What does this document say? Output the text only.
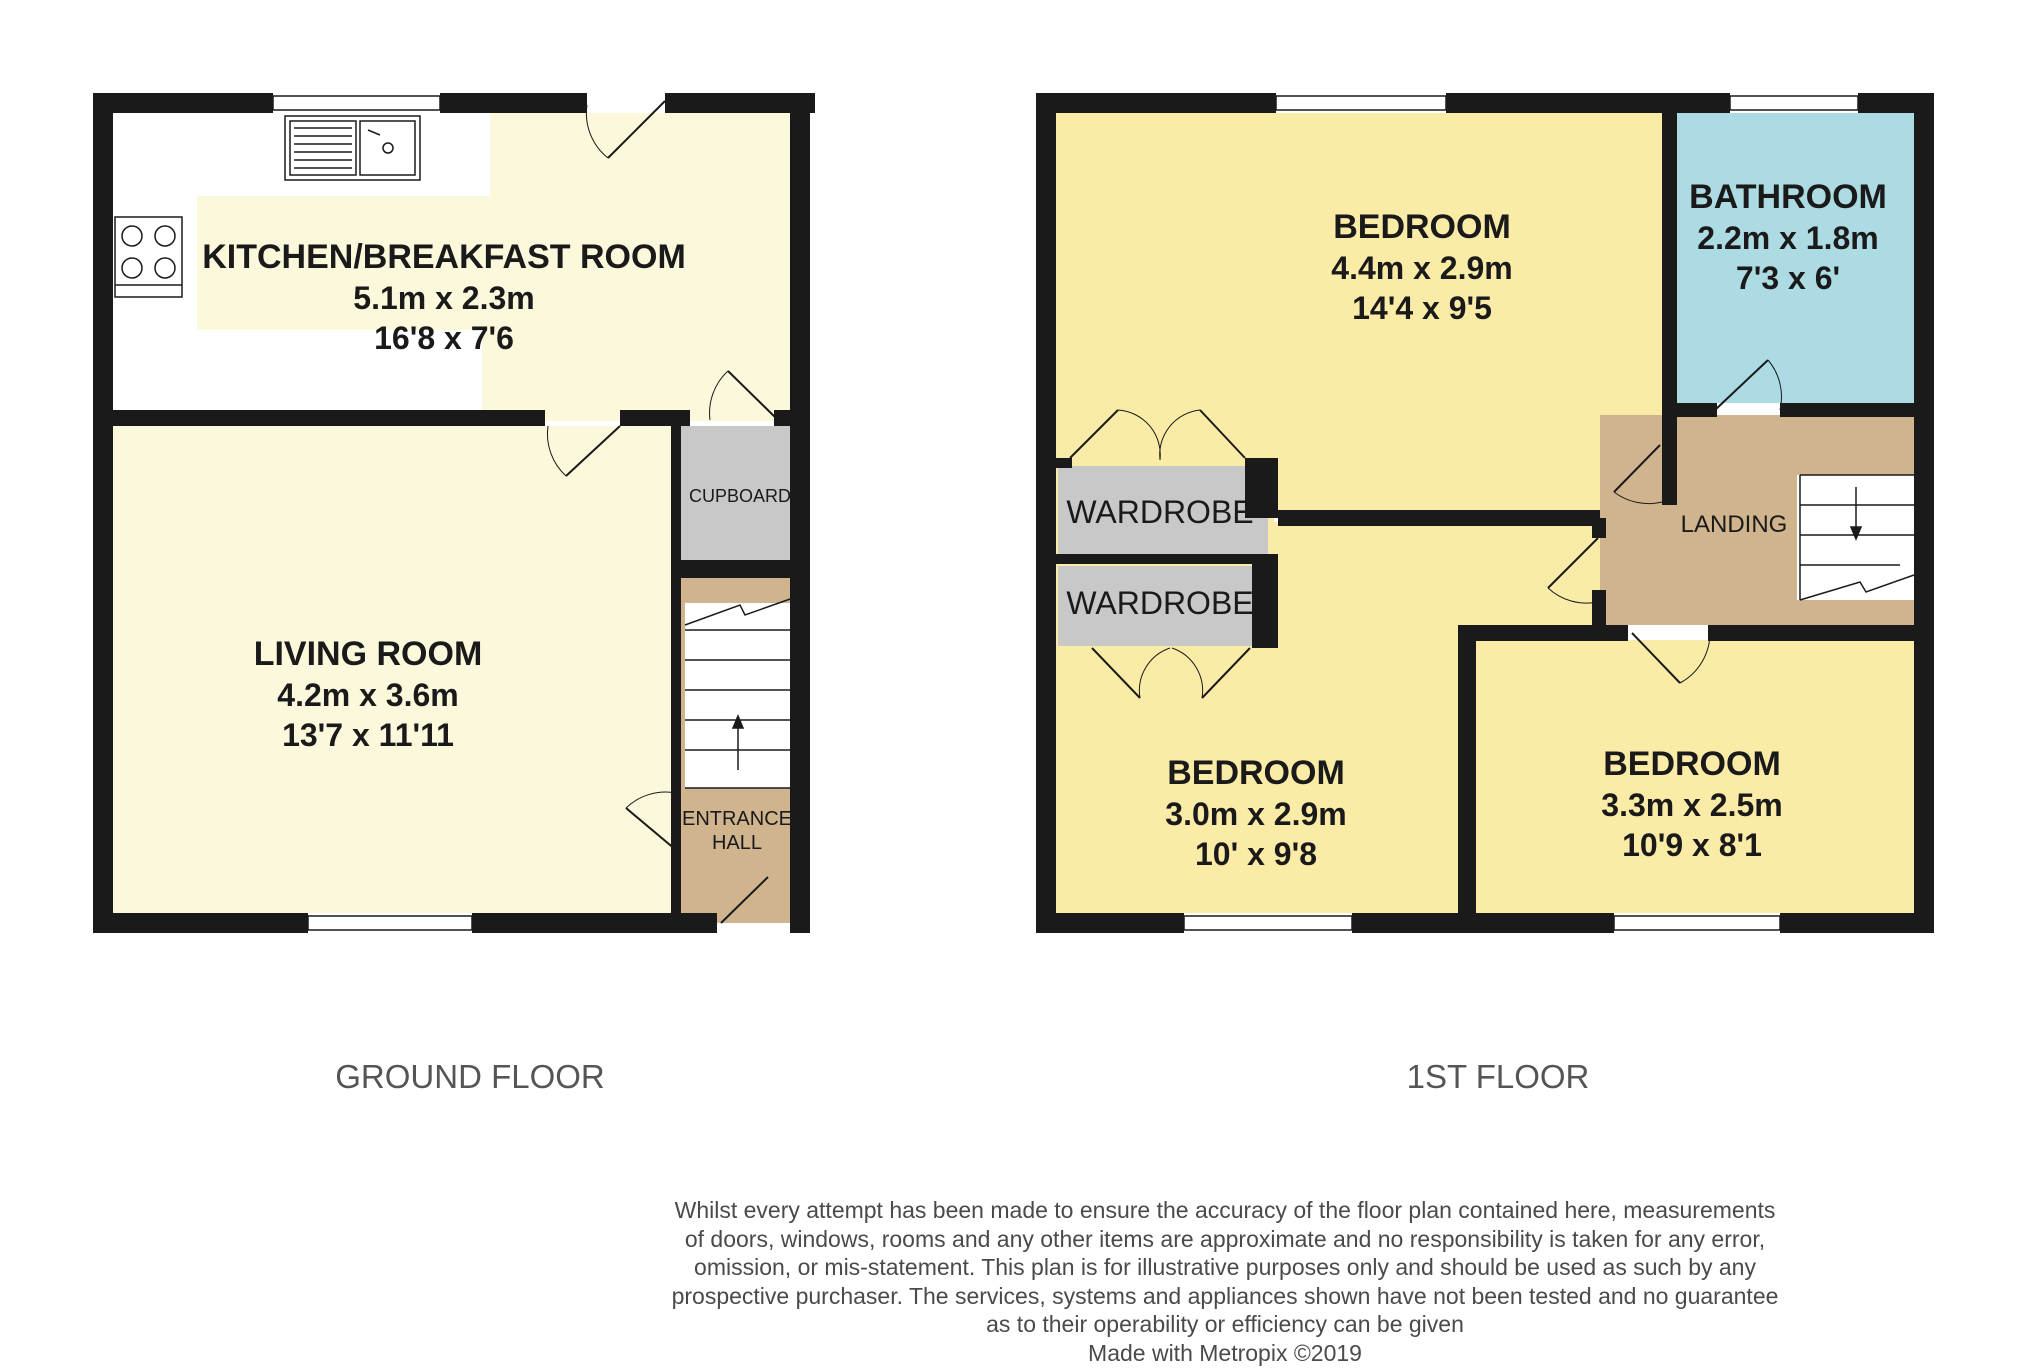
KITCHEN/BREAKFAST ROOM
5.1m x 2.3m
16'8 x 7'6
LIVING ROOM
4.2m x 3.6m
13'7 x 11'11
CUPBOARD
ENTRANCE
HALL
BEDROOM
4.4m x 2.9m
14'4 x 9'5
BATHROOM
2.2m x 1.8m
7'3 x 6'
WARDROBE
WARDROBE
LANDING
BEDROOM
3.0m x 2.9m
10' x 9'8
BEDROOM
3.3m x 2.5m
10'9 x 8'1
GROUND FLOOR	1ST FLOOR
Whilst every attempt has been made to ensure the accuracy of the floor plan contained here, measurements
of doors, windows, rooms and any other items are approximate and no responsibility is taken for any error,
omission, or mis-statement. This plan is for illustrative purposes only and should be used as such by any
prospective purchaser. The services, systems and appliances shown have not been tested and no guarantee
as to their operability or efficiency can be given
Made with Metropix ©2019
